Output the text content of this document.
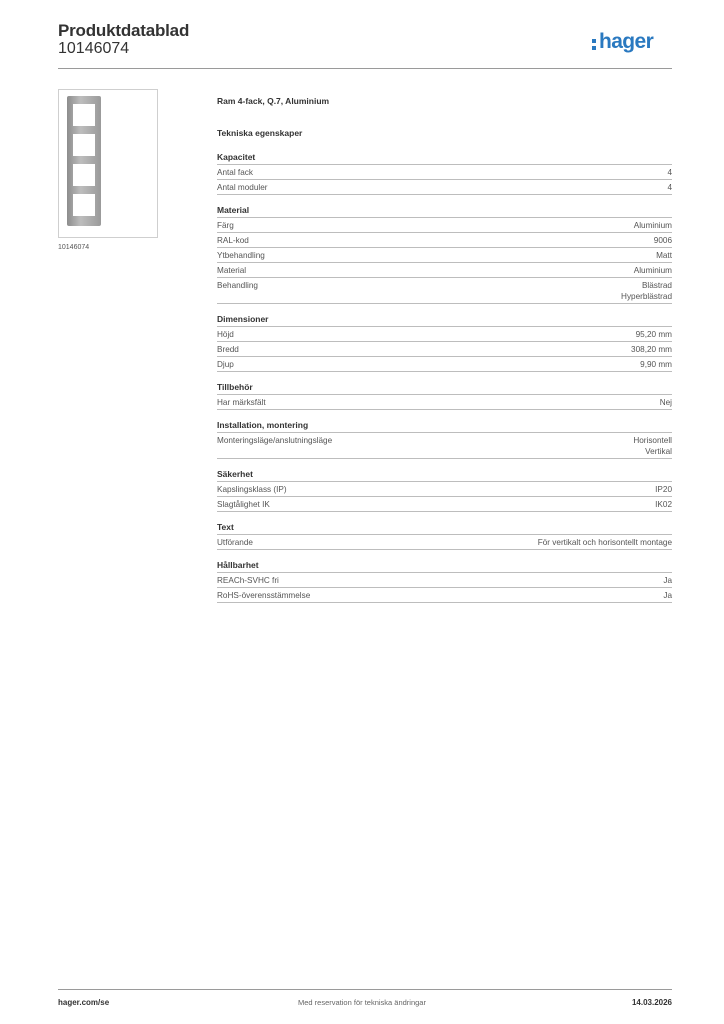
Produktdatablad
10146074	hager
10146074
Ram 4-fack, Q.7, Aluminium
Tekniska egenskaper
Kapacitet
Antal fack	4
Antal moduler	4
Material
Färg	Aluminium
RAL-kod	9006
Ytbehandling	Matt
Material	Aluminium
Behandling	Blästrad
Hyperblästrad
Dimensioner
Höjd	95,20 mm
Bredd	308,20 mm
Djup	9,90 mm
Tillbehör
Har märksfält	Nej
Installation, montering
Monteringsläge/anslutningsläge	Horisontell
Vertikal
Säkerhet
Kapslingsklass (IP)	IP20
Slagtålighet IK	IK02
Text
Utförande	För vertikalt och horisontellt montage
Hållbarhet
REACh-SVHC fri	Ja
RoHS-överensstämmelse	Ja
hager.com/se	Med reservation för tekniska ändringar	14.03.2026
